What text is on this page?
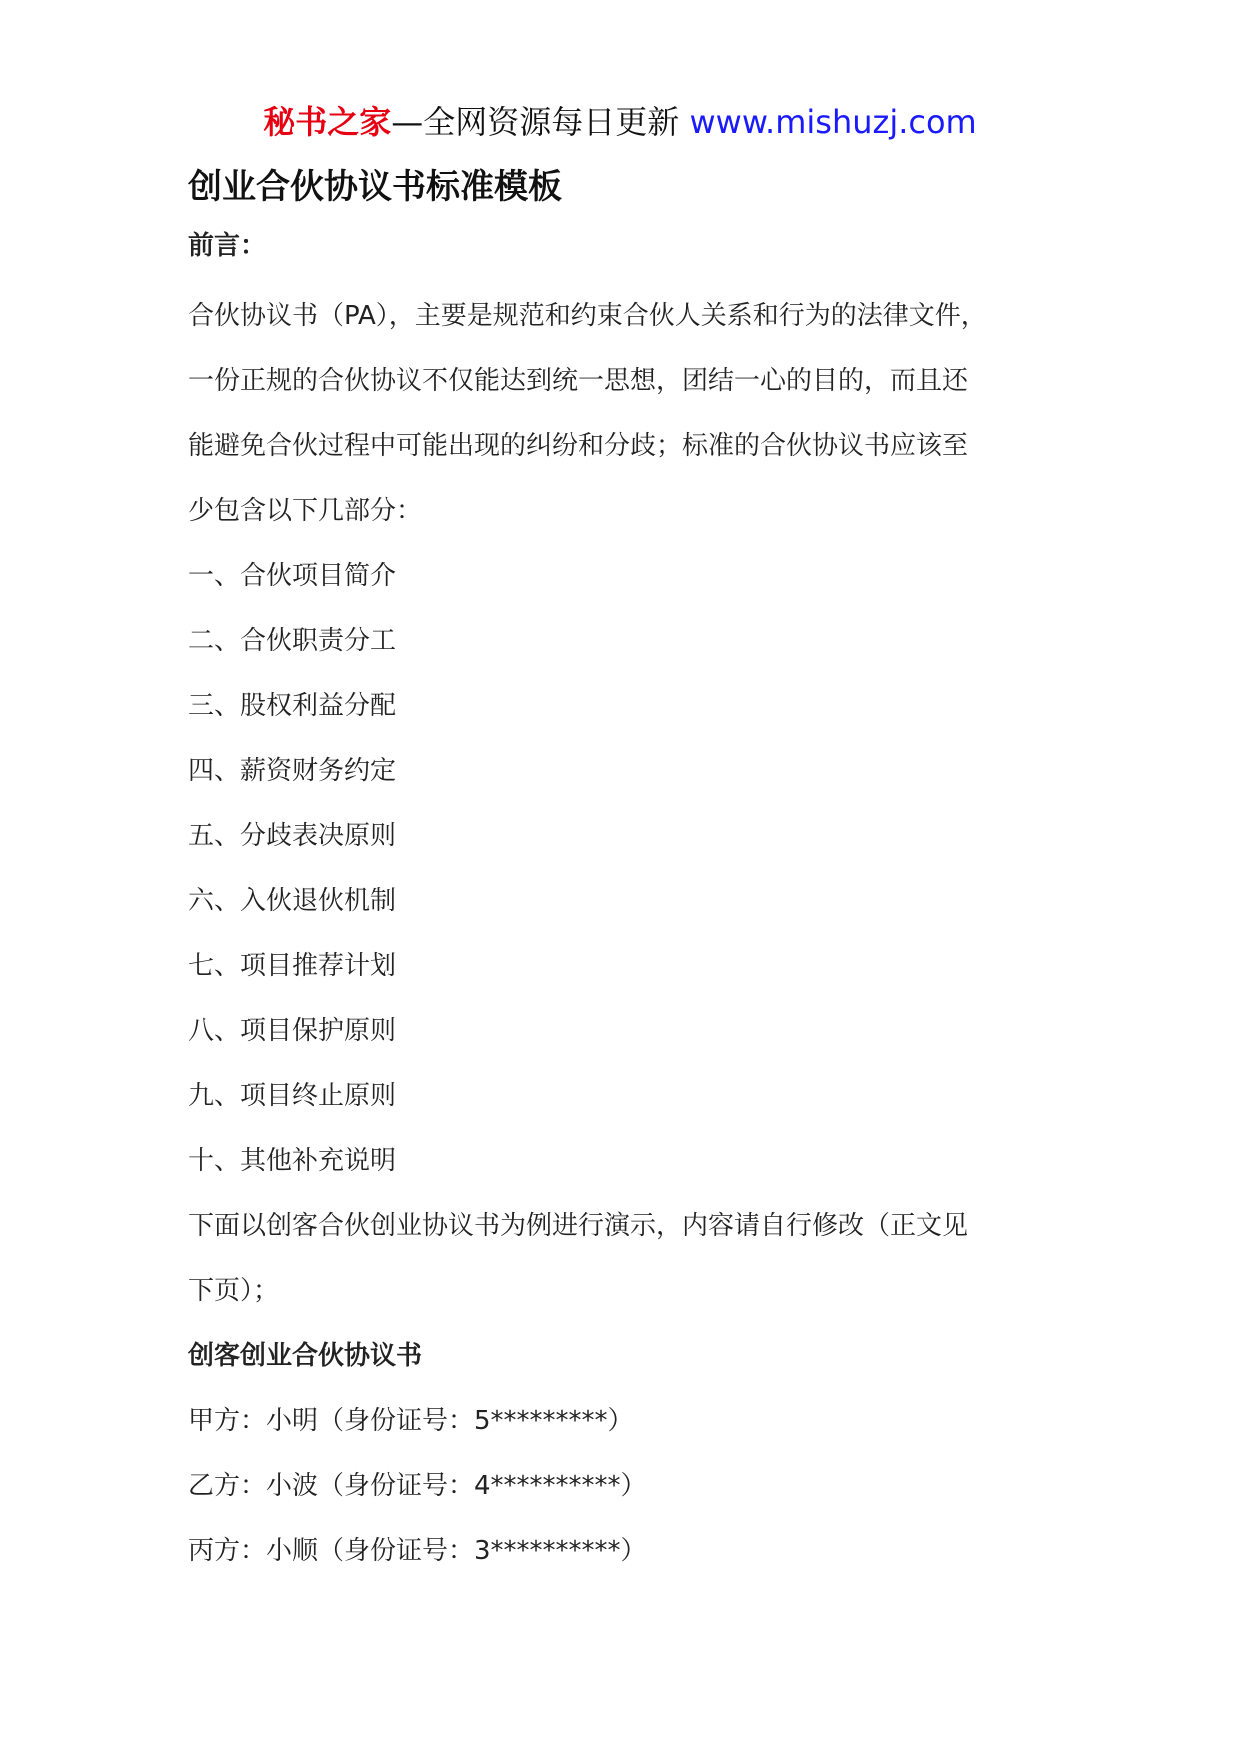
秘书之家—全网资源每日更新 www.mishuzj.com
创业合伙协议书标准模板
前言：

合伙协议书（PA），主要是规范和约束合伙人关系和行为的法律文件，

一份正规的合伙协议不仅能达到统一思想，团结一心的目的，而且还

能避免合伙过程中可能出现的纠纷和分歧；标准的合伙协议书应该至

少包含以下几部分：

一、合伙项目简介

二、合伙职责分工

三、股权利益分配

四、薪资财务约定

五、分歧表决原则

六、入伙退伙机制

七、项目推荐计划

八、项目保护原则

九、项目终止原则

十、其他补充说明

下面以创客合伙创业协议书为例进行演示，内容请自行修改（正文见

下页）；

创客创业合伙协议书

甲方：小明（身份证号：5*********）

乙方：小波（身份证号：4**********）

丙方：小顺（身份证号：3**********）
